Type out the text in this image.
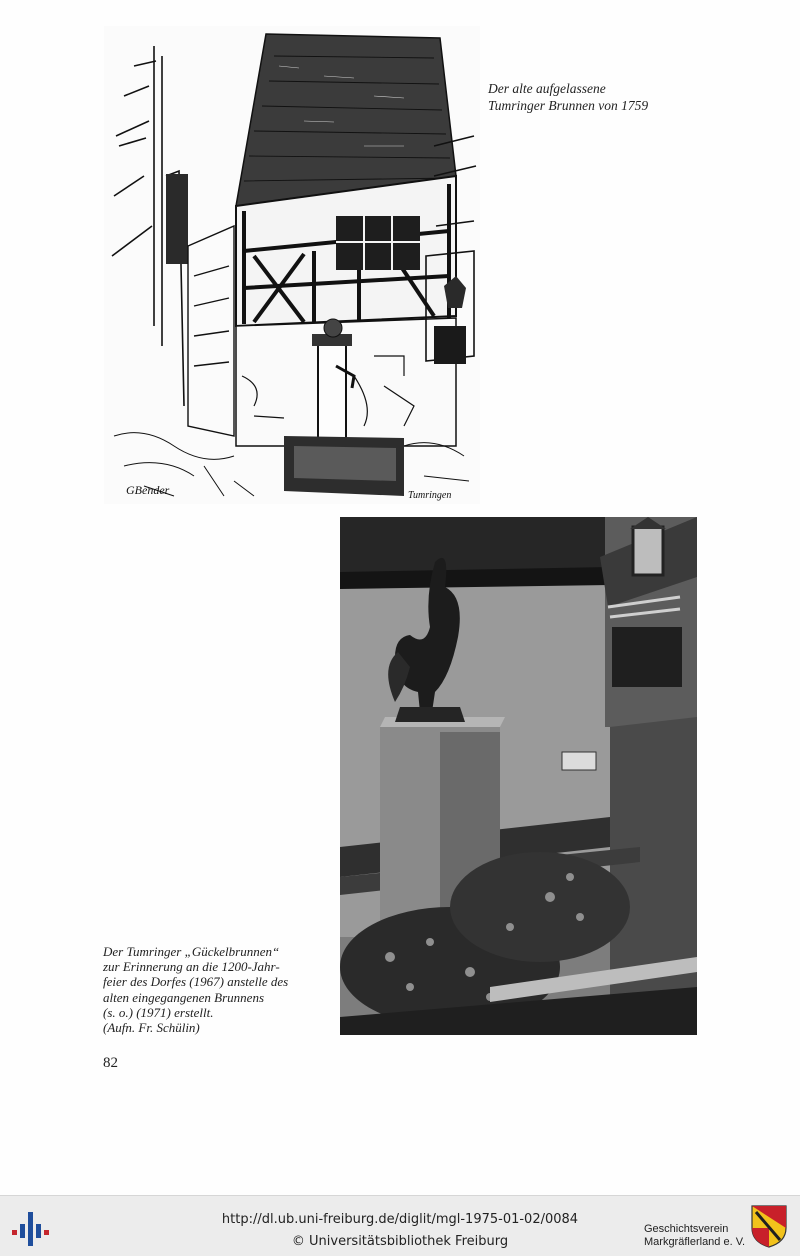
GBender	Tumringen
Der alte aufgelassene
Tumringer Brunnen von 1759
Der Tumringer „Gückelbrunnen“
zur Erinnerung an die 1200-Jahr-
feier des Dorfes (1967) anstelle des
alten eingegangenen Brunnens
(s. o.) (1971) erstellt.
(Aufn. Fr. Schülin)
82
http://dl.ub.uni-freiburg.de/diglit/mgl-1975-01-02/0084
© Universitätsbibliothek Freiburg
Geschichtsverein
Markgräflerland e. V.
